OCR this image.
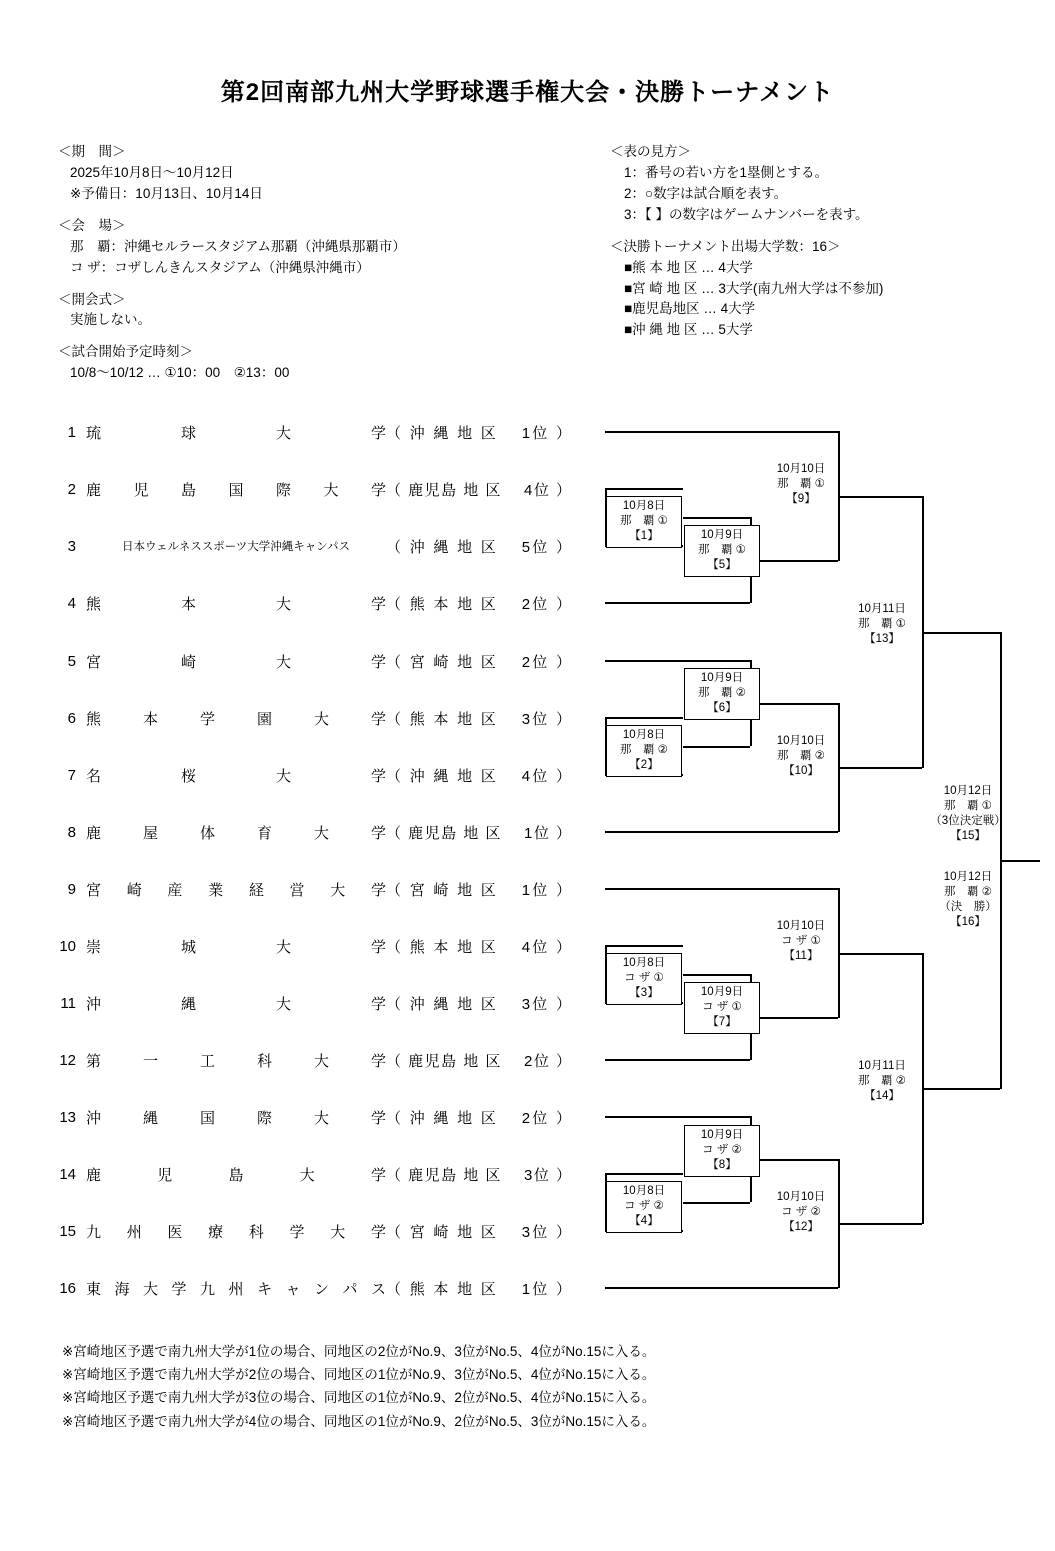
第2回南部九州大学野球選手権大会・決勝トーナメント
＜期　間＞
2025年10月8日～10月12日
※予備日：10月13日、10月14日
＜会　場＞
那　覇：沖縄セルラースタジアム那覇（沖縄県那覇市）
コ ザ：コザしんきんスタジアム（沖縄県沖縄市）
＜開会式＞
実施しない。
＜試合開始予定時刻＞
10/8～10/12 … ①10：00　②13：00
＜表の見方＞
1：番号の若い方を1塁側とする。
2：○数字は試合順を表す。
3：【 】の数字はゲームナンバーを表す。
＜決勝トーナメント出場大学数：16＞
■熊 本 地 区 … 4大学
■宮 崎 地 区 … 3大学(南九州大学は不参加)
■鹿児島地区 … 4大学
■沖 縄 地 区 … 5大学
1 琉　球　大　学 （ 沖 縄 地 区 　1位 ）
2 鹿 児 島 国 際 大 学 （ 鹿児島 地 区 　4位 ）
3	日本ウェルネススポーツ大学沖縄キャンパス	（ 沖 縄 地 区 　5位 ）
4 熊　本　大　学 （ 熊 本 地 区 　2位 ）
5 宮　崎　大　学 （ 宮 崎 地 区 　2位 ）
6 熊 本 学 園 大 学 （ 熊 本 地 区 　3位 ）
7 名　桜　大　学 （ 沖 縄 地 区 　4位 ）
8 鹿 屋 体 育 大 学 （ 鹿児島 地 区 　1位 ）
9 宮 崎 産 業 経 営 大 学 （ 宮 崎 地 区 　1位 ）
10 崇　城　大　学 （ 熊 本 地 区 　4位 ）
11 沖　縄　大　学 （ 沖 縄 地 区 　3位 ）
12 第 一 工 科 大 学 （ 鹿児島 地 区 　2位 ）
13 沖 縄 国 際 大 学 （ 沖 縄 地 区 　2位 ）
14 鹿 児 島 大 学 （ 鹿児島 地 区 　3位 ）
15 九 州 医 療 科 学 大 学 （ 宮 崎 地 区 　3位 ）
16 東 海 大 学 九 州 キ ャ ン パ ス （ 熊 本 地 区 　1位 ）
10月8日
那　覇 ①
【1】
10月8日
那　覇 ②
【2】
10月8日
コ ザ ①
【3】
10月8日
コ ザ ②
【4】
10月9日
那　覇 ①
【5】
10月9日
那　覇 ②
【6】
10月9日
コ ザ ①
【7】
10月9日
コ ザ ②
【8】
10月10日
那　覇 ①
【9】
10月10日
那　覇 ②
【10】
10月10日
コ ザ ①
【11】
10月10日
コ ザ ②
【12】
10月11日
那　覇 ①
【13】
10月11日
那　覇 ②
【14】
10月12日
那　覇 ①
（3位決定戦）
【15】
10月12日
那　覇 ②
（決　勝）
【16】
※宮崎地区予選で南九州大学が1位の場合、同地区の2位がNo.9、3位がNo.5、4位がNo.15に入る。
※宮崎地区予選で南九州大学が2位の場合、同地区の1位がNo.9、3位がNo.5、4位がNo.15に入る。
※宮崎地区予選で南九州大学が3位の場合、同地区の1位がNo.9、2位がNo.5、4位がNo.15に入る。
※宮崎地区予選で南九州大学が4位の場合、同地区の1位がNo.9、2位がNo.5、3位がNo.15に入る。
